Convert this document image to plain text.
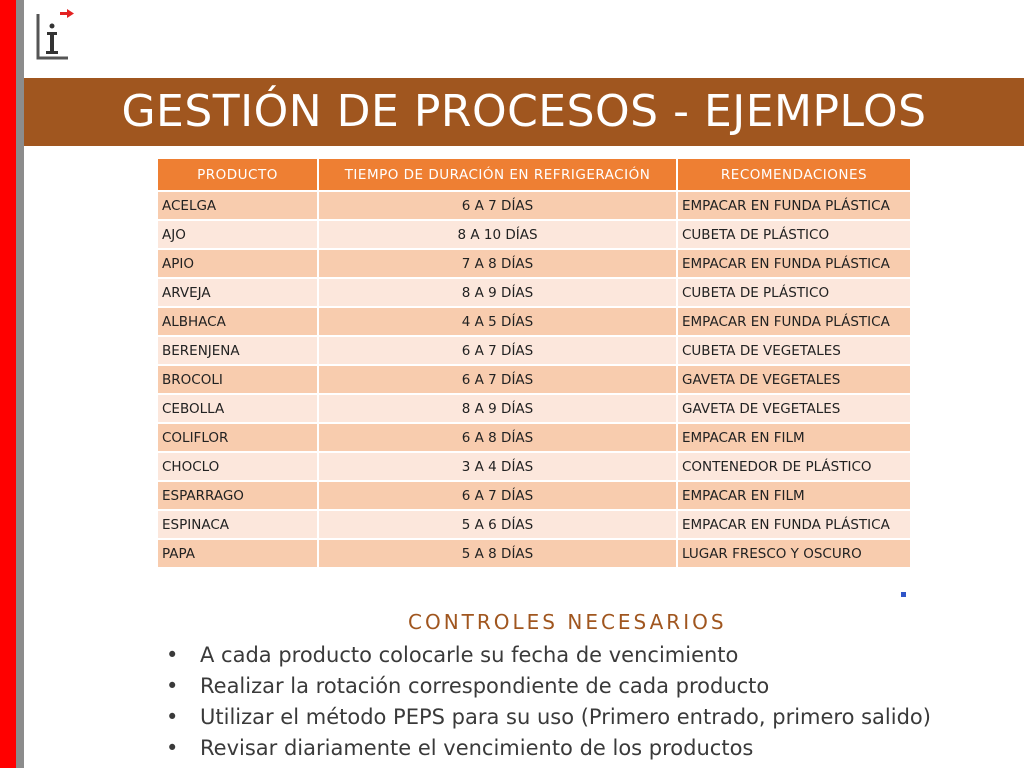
GESTIÓN DE PROCESOS - EJEMPLOS
PRODUCTO	TIEMPO DE DURACIÓN EN REFRIGERACIÓN	RECOMENDACIONES
ACELGA	6 A 7 DÍAS	EMPACAR EN FUNDA PLÁSTICA
AJO	8 A 10 DÍAS	CUBETA DE PLÁSTICO
APIO	7 A 8 DÍAS	EMPACAR EN FUNDA PLÁSTICA
ARVEJA	8 A 9 DÍAS	CUBETA DE PLÁSTICO
ALBHACA	4 A 5 DÍAS	EMPACAR EN FUNDA PLÁSTICA
BERENJENA	6 A 7 DÍAS	CUBETA DE VEGETALES
BROCOLI	6 A 7 DÍAS	GAVETA DE VEGETALES
CEBOLLA	8 A 9 DÍAS	GAVETA DE VEGETALES
COLIFLOR	6 A 8 DÍAS	EMPACAR EN FILM
CHOCLO	3 A 4 DÍAS	CONTENEDOR DE PLÁSTICO
ESPARRAGO	6 A 7 DÍAS	EMPACAR EN FILM
ESPINACA	5 A 6 DÍAS	EMPACAR EN FUNDA PLÁSTICA
PAPA	5 A 8 DÍAS	LUGAR FRESCO Y OSCURO
CONTROLES NECESARIOS
• A cada producto colocarle su fecha de vencimiento
• Realizar la rotación correspondiente de cada producto
• Utilizar el método PEPS para su uso (Primero entrado, primero salido)
• Revisar diariamente el vencimiento de los productos
